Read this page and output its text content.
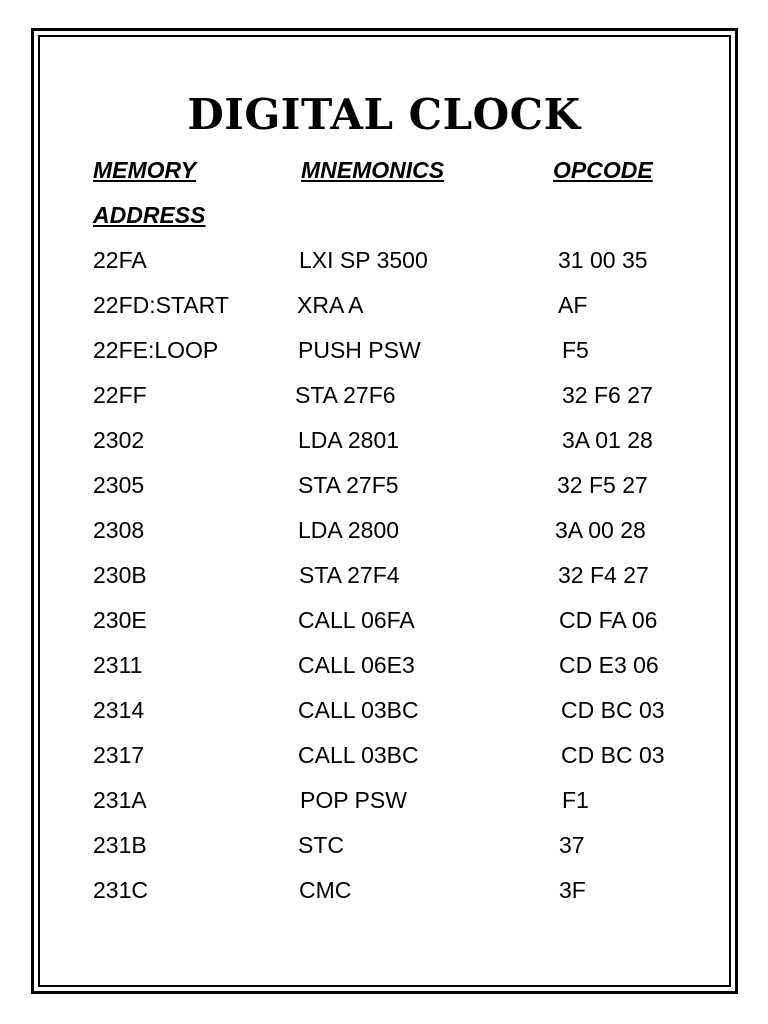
DIGITAL CLOCK
MEMORY	MNEMONICS	OPCODE
ADDRESS
22FA	LXI SP 3500	31 00 35
22FD:START	XRA A	AF
22FE:LOOP	PUSH PSW	F5
22FF	STA 27F6	32 F6 27
2302	LDA 2801	3A 01 28
2305	STA 27F5	32 F5 27
2308	LDA 2800	3A 00 28
230B	STA 27F4	32 F4 27
230E	CALL 06FA	CD FA 06
2311	CALL 06E3	CD E3 06
2314	CALL 03BC	CD BC 03
2317	CALL 03BC	CD BC 03
231A	POP PSW	F1
231B	STC	37
231C	CMC	3F
